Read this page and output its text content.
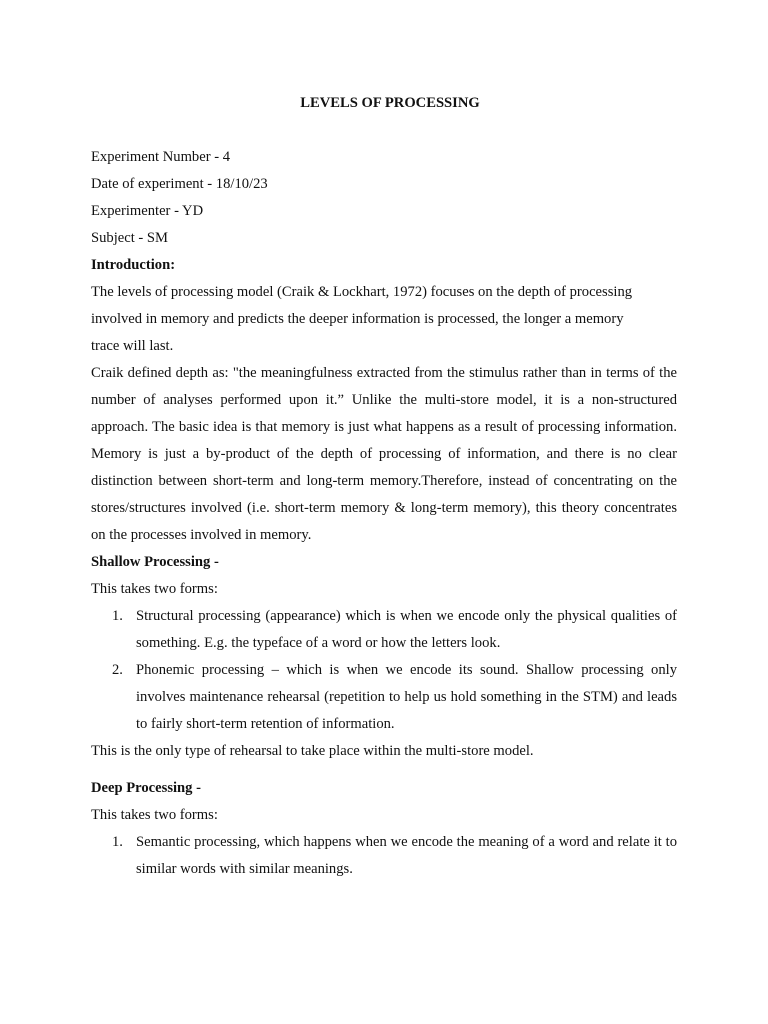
LEVELS OF PROCESSING

Experiment Number - 4

Date of experiment - 18/10/23

Experimenter - YD

Subject - SM

Introduction:

The levels of processing model (Craik & Lockhart, 1972) focuses on the depth of processing

involved in memory and predicts the deeper information is processed, the longer a memory

trace will last.

Craik defined depth as: "the meaningfulness extracted from the stimulus rather than in terms of the number of analyses performed upon it.” Unlike the multi-store model, it is a non-structured approach. The basic idea is that memory is just what happens as a result of processing information. Memory is just a by-product of the depth of processing of information, and there is no clear distinction between short-term and long-term memory.Therefore, instead of concentrating on the stores/structures involved (i.e. short-term memory & long-term memory), this theory concentrates on the processes involved in memory.

Shallow Processing -

This takes two forms:

1. Structural processing (appearance) which is when we encode only the physical qualities of something. E.g. the typeface of a word or how the letters look.
2. Phonemic processing – which is when we encode its sound. Shallow processing only involves maintenance rehearsal (repetition to help us hold something in the STM) and leads to fairly short-term retention of information.

This is the only type of rehearsal to take place within the multi-store model.

Deep Processing -

This takes two forms:

1. Semantic processing, which happens when we encode the meaning of a word and relate it to similar words with similar meanings.
